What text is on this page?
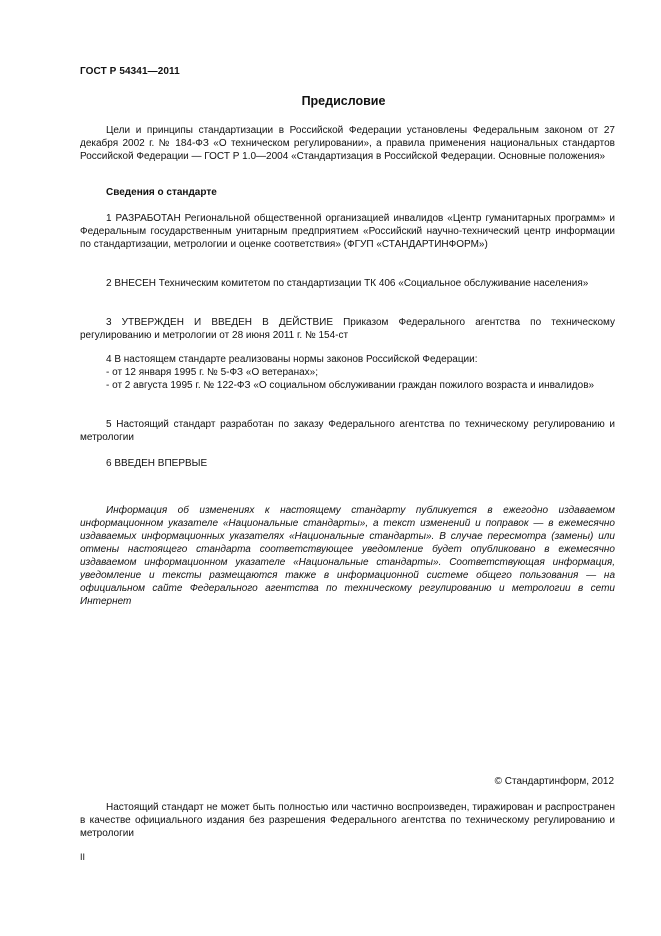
ГОСТ Р 54341—2011
Предисловие
Цели и принципы стандартизации в Российской Федерации установлены Федеральным законом от 27 декабря 2002 г. № 184-ФЗ «О техническом регулировании», а правила применения национальных стандартов Российской Федерации — ГОСТ Р 1.0—2004 «Стандартизация в Российской Федерации. Основные положения»
Сведения о стандарте
1 РАЗРАБОТАН Региональной общественной организацией инвалидов «Центр гуманитарных программ» и Федеральным государственным унитарным предприятием «Российский научно-технический центр информации по стандартизации, метрологии и оценке соответствия» (ФГУП «СТАНДАРТИНФОРМ»)
2 ВНЕСЕН Техническим комитетом по стандартизации ТК 406 «Социальное обслуживание населения»
3 УТВЕРЖДЕН И ВВЕДЕН В ДЕЙСТВИЕ Приказом Федерального агентства по техническому регулированию и метрологии от 28 июня 2011 г. № 154-ст

4 В настоящем стандарте реализованы нормы законов Российской Федерации:

- от 12 января 1995 г. № 5-ФЗ «О ветеранах»;

- от 2 августа 1995 г. № 122-ФЗ «О социальном обслуживании граждан пожилого возраста и инвалидов»

5 Настоящий стандарт разработан по заказу Федерального агентства по техническому регулированию и метрологии
6 ВВЕДЕН ВПЕРВЫЕ
Информация об изменениях к настоящему стандарту публикуется в ежегодно издаваемом информационном указателе «Национальные стандарты», а текст изменений и поправок — в ежемесячно издаваемых информационных указателях «Национальные стандарты». В случае пересмотра (замены) или отмены настоящего стандарта соответствующее уведомление будет опубликовано в ежемесячно издаваемом информационном указателе «Национальные стандарты». Соответствующая информация, уведомление и тексты размещаются также в информационной системе общего пользования — на официальном сайте Федерального агентства по техническому регулированию и метрологии в сети Интернет
© Стандартинформ, 2012
Настоящий стандарт не может быть полностью или частично воспроизведен, тиражирован и распространен в качестве официального издания без разрешения Федерального агентства по техническому регулированию и метрологии
II
